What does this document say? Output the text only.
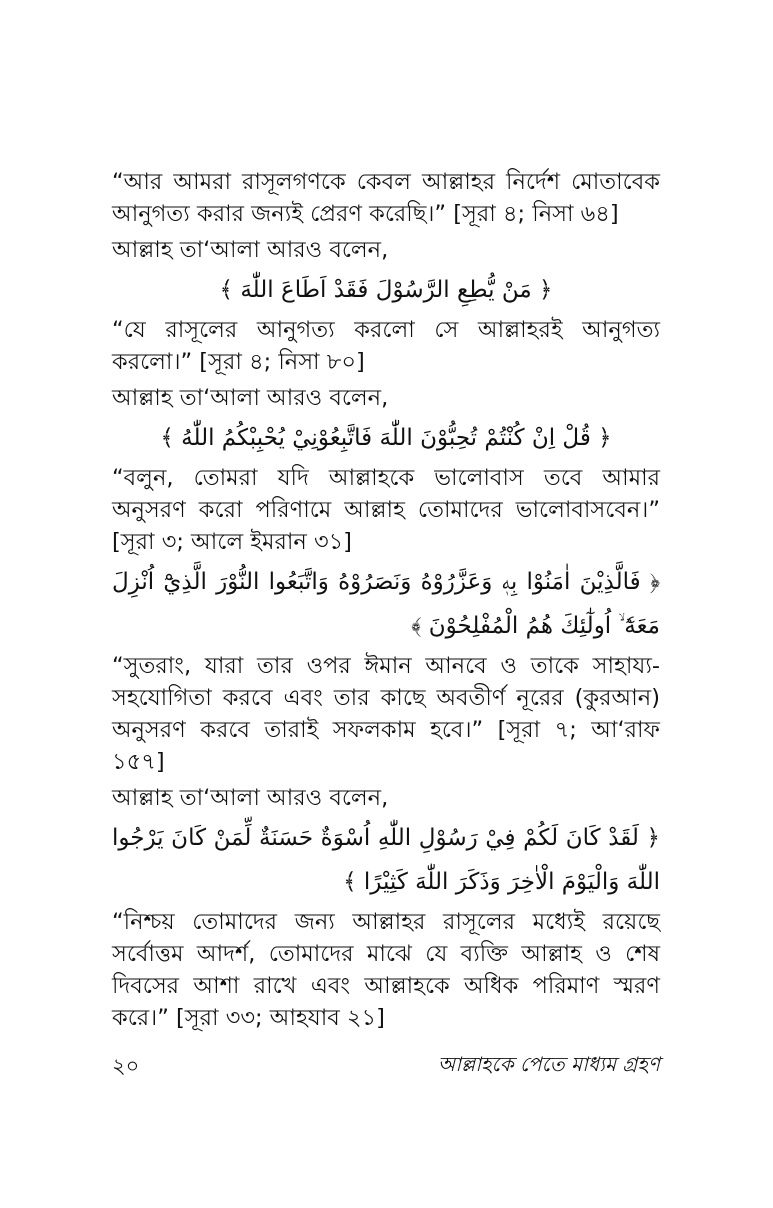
“আর আমরা রাসূলগণকে কেবল আল্লাহর নির্দেশ মোতাবেক আনুগত্য করার জন্যই প্রেরণ করেছি।” [সূরা ৪; নিসা ৬৪]

আল্লাহ তা‘আলা আরও বলেন,

﴿ مَنْ يُّطِعِ الرَّسُوْلَ فَقَدْ اَطَاعَ اللّٰهَ ﴾

“যে রাসূলের আনুগত্য করলো সে আল্লাহরই আনুগত্য করলো।” [সূরা ৪; নিসা ৮০]

আল্লাহ তা‘আলা আরও বলেন,

﴿ قُلْ اِنْ كُنْتُمْ تُحِبُّوْنَ اللّٰهَ فَاتَّبِعُوْنِيْ يُحْبِبْكُمُ اللّٰهُ ﴾

“বলুন, তোমরা যদি আল্লাহকে ভালোবাস তবে আমার অনুসরণ করো পরিণামে আল্লাহ তোমাদের ভালোবাসবেন।” [সূরা ৩; আলে ইমরান ৩১]

﴿ فَالَّذِيْنَ اٰمَنُوْا بِهٖ وَعَزَّرُوْهُ وَنَصَرُوْهُ وَاتَّبَعُوا النُّوْرَ الَّذِيْٓ اُنْزِلَ مَعَهٗٓ ۙ اُولٰٓئِكَ هُمُ الْمُفْلِحُوْنَ ﴾

“সুতরাং, যারা তার ওপর ঈমান আনবে ও তাকে সাহায্য-সহযোগিতা করবে এবং তার কাছে অবতীর্ণ নূরের (কুরআন) অনুসরণ করবে তারাই সফলকাম হবে।” [সূরা ৭; আ‘রাফ ১৫৭]

আল্লাহ তা‘আলা আরও বলেন,

﴿ لَقَدْ كَانَ لَكُمْ فِيْ رَسُوْلِ اللّٰهِ اُسْوَةٌ حَسَنَةٌ لِّمَنْ كَانَ يَرْجُوا اللّٰهَ وَالْيَوْمَ الْاٰخِرَ وَذَكَرَ اللّٰهَ كَثِيْرًا ﴾

“নিশ্চয় তোমাদের জন্য আল্লাহর রাসূলের মধ্যেই রয়েছে সর্বোত্তম আদর্শ, তোমাদের মাঝে যে ব্যক্তি আল্লাহ ও শেষ দিবসের আশা রাখে এবং আল্লাহকে অধিক পরিমাণ স্মরণ করে।” [সূরা ৩৩; আহযাব ২১]

২০	আল্লাহকে পেতে মাধ্যম গ্রহণ
